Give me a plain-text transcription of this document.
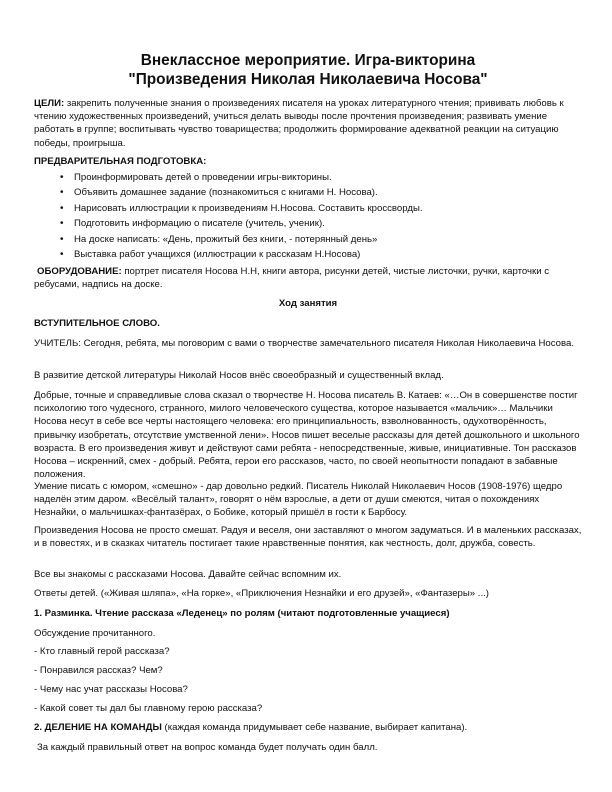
Внеклассное мероприятие. Игра-викторина
"Произведения Николая Николаевича Носова"

ЦЕЛИ: закрепить полученные знания о произведениях писателя на уроках литературного чтения; прививать любовь к чтению художественных произведений, учиться делать выводы после прочтения произведения; развивать умение работать в группе; воспитывать чувство товарищества; продолжить формирование адекватной реакции на ситуацию победы, проигрыша.

ПРЕДВАРИТЕЛЬНАЯ ПОДГОТОВКА:

• Проинформировать детей о проведении игры-викторины.
• Объявить домашнее задание (познакомиться с книгами Н. Носова).
• Нарисовать иллюстрации к произведениям Н.Носова. Составить кроссворды.
• Подготовить информацию о писателе (учитель, ученик).
• На доске написать: «День, прожитый без книги, - потерянный день»
• Выставка работ учащихся (иллюстрации к рассказам Н.Носова)

ОБОРУДОВАНИЕ: портрет писателя Носова Н.Н, книги автора, рисунки детей, чистые листочки, ручки, карточки с ребусами, надпись на доске.

Ход занятия

ВСТУПИТЕЛЬНОЕ СЛОВО.

УЧИТЕЛЬ: Сегодня, ребята, мы поговорим с вами о творчестве замечательного писателя Николая Николаевича Носова.

В развитие детской литературы Николай Носов внёс своеобразный и существенный вклад.

Добрые, точные и справедливые слова сказал о творчестве Н. Носова писатель В. Катаев: «…Он в совершенстве постиг психологию того чудесного, странного, милого человеческого существа, которое называется «мальчик»… Мальчики Носова несут в себе все черты настоящего человека: его принципиальность, взволнованность, одухотворённость, привычку изобретать, отсутствие умственной лени». Носов пишет веселые рассказы для детей дошкольного и школьного возраста. В его произведения живут и действуют сами ребята - непосредственные, живые, инициативные. Тон рассказов Носова – искренний, смех - добрый. Ребята, герои его рассказов, часто, по своей неопытности попадают в забавные положения.

Умение писать с юмором, «смешно» - дар довольно редкий. Писатель Николай Николаевич Носов (1908-1976) щедро наделён этим даром. «Весёлый талант», говорят о нём взрослые, а дети от души смеются, читая о похождениях Незнайки, о мальчишках-фантазёрах, о Бобике, который пришёл в гости к Барбосу.

Произведения Носова не просто смешат. Радуя и веселя, они заставляют о многом задуматься. И в маленьких рассказах, и в повестях, и в сказках читатель постигает такие нравственные понятия, как честность, долг, дружба, совесть.

Все вы знакомы с рассказами Носова. Давайте сейчас вспомним их.

Ответы детей. («Живая шляпа», «На горке», «Приключения Незнайки и его друзей», «Фантазеры» ...)

1. Разминка. Чтение рассказа «Леденец» по ролям (читают подготовленные учащиеся)

Обсуждение прочитанного.

- Кто главный герой рассказа?

- Понравился рассказ? Чем?

- Чему нас учат рассказы Носова?

- Какой совет ты дал бы главному герою рассказа?

2. ДЕЛЕНИЕ НА КОМАНДЫ (каждая команда придумывает себе название, выбирает капитана).

За каждый правильный ответ на вопрос команда будет получать один балл.
